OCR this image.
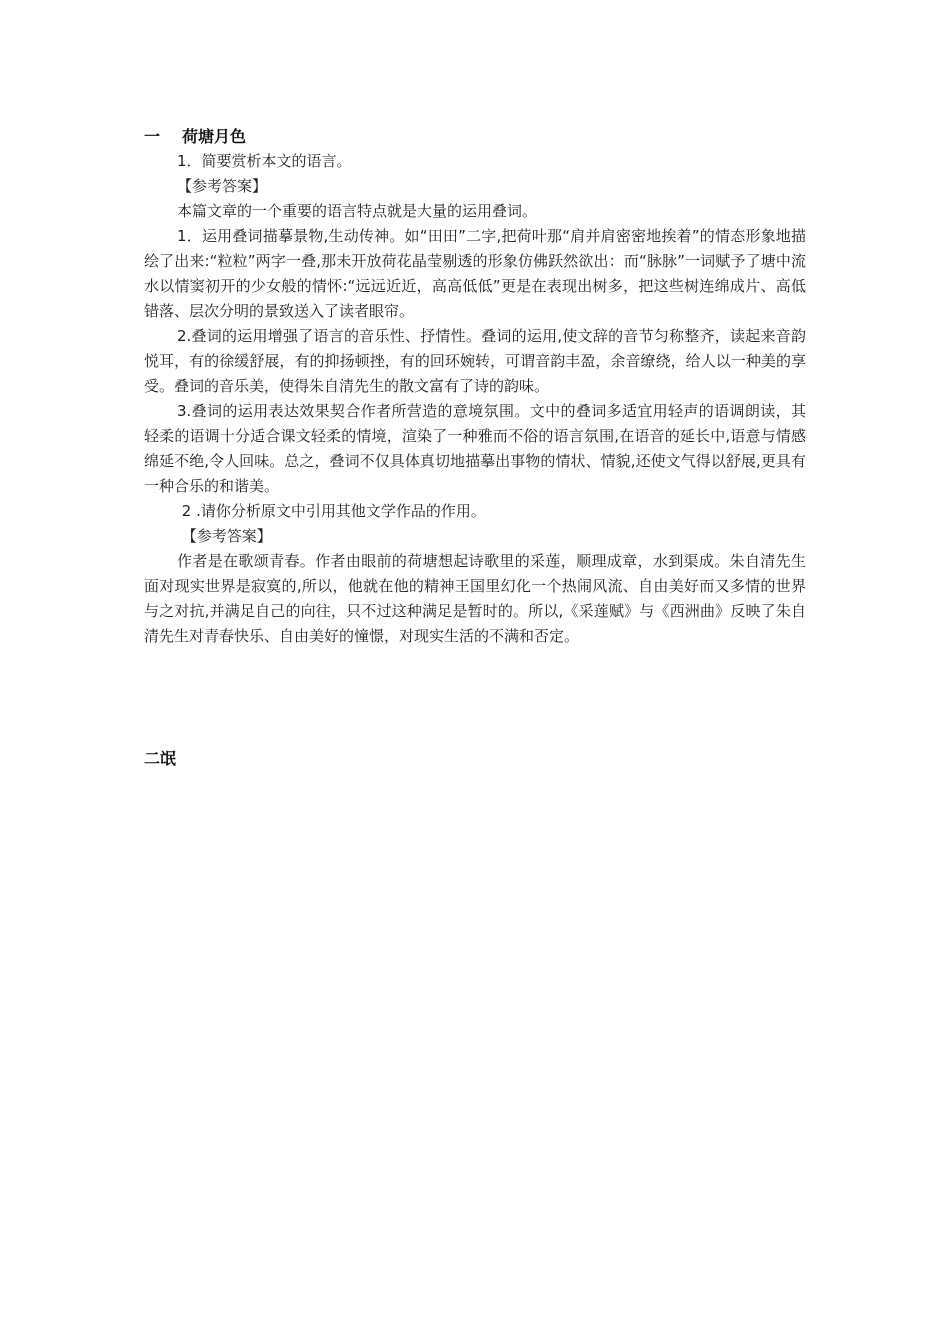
一 荷塘月色

1．简要赏析本文的语言。

【参考答案】

本篇文章的一个重要的语言特点就是大量的运用叠词。

1．运用叠词描摹景物,生动传神。如“田田”二字,把荷叶那“肩并肩密密地挨着”的情态形象地描绘了出来:“粒粒”两字一叠,那未开放荷花晶莹剔透的形象仿佛跃然欲出：而“脉脉”一词赋予了塘中流水以情窦初开的少女般的情怀:“远远近近，高高低低”更是在表现出树多，把这些树连绵成片、高低错落、层次分明的景致送入了读者眼帘。

2.叠词的运用增强了语言的音乐性、抒情性。叠词的运用,使文辞的音节匀称整齐，读起来音韵悦耳，有的徐缓舒展，有的抑扬顿挫，有的回环婉转，可谓音韵丰盈，余音缭绕，给人以一种美的享受。叠词的音乐美，使得朱自清先生的散文富有了诗的韵味。

3.叠词的运用表达效果契合作者所营造的意境氛围。文中的叠词多适宜用轻声的语调朗读，其轻柔的语调十分适合课文轻柔的情境，渲染了一种雅而不俗的语言氛围,在语音的延长中,语意与情感绵延不绝,令人回味。总之，叠词不仅具体真切地描摹出事物的情状、情貌,还使文气得以舒展,更具有一种合乐的和谐美。

2 .请你分析原文中引用其他文学作品的作用。

【参考答案】

作者是在歌颂青春。作者由眼前的荷塘想起诗歌里的采莲，顺理成章，水到渠成。朱自清先生面对现实世界是寂寞的,所以，他就在他的精神王国里幻化一个热闹风流、自由美好而又多情的世界与之对抗,并满足自己的向往，只不过这种满足是暂时的。所以,《采莲赋》与《西洲曲》反映了朱自清先生对青春快乐、自由美好的憧憬，对现实生活的不满和否定。

二氓
